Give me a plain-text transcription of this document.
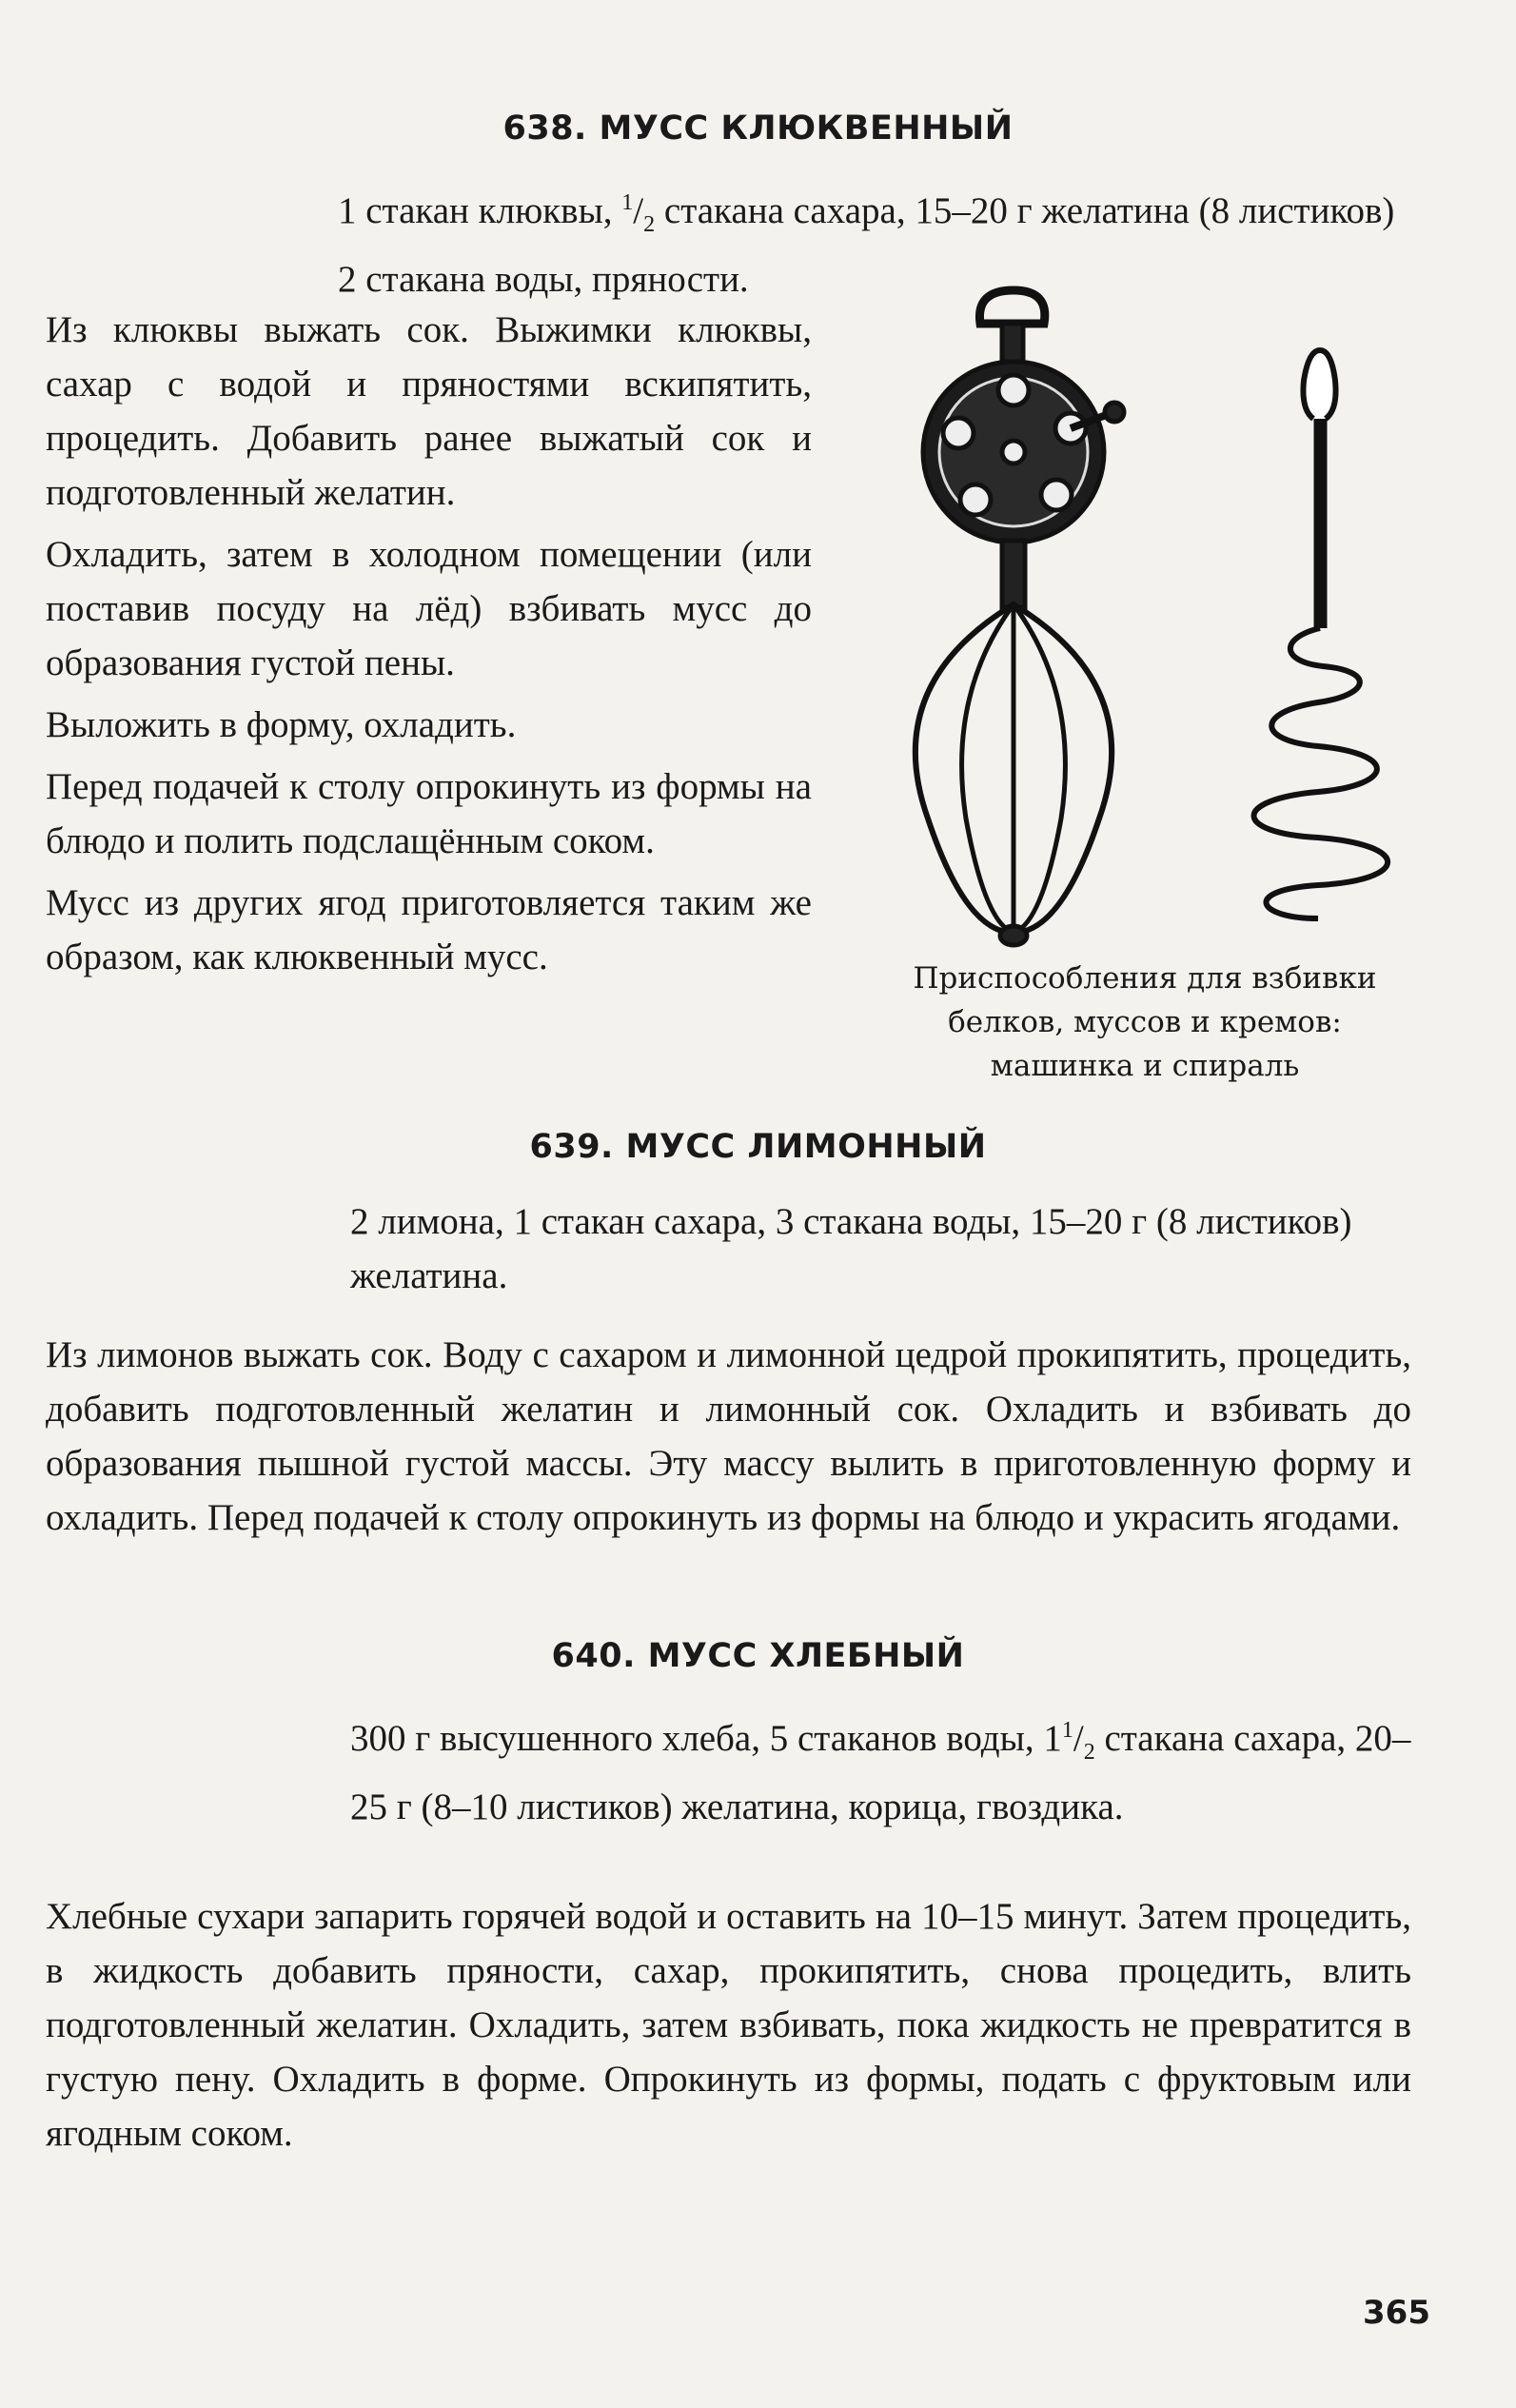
638. МУСС КЛЮКВЕННЫЙ
1 стакан клюквы, $^1/_2$ стакана сахара, 15–20 г желатина (8 листиков) 2 стакана воды, пряности.

Из клюквы выжать сок. Выжимки клюквы, сахар с водой и пряностями вскипятить, процедить. Добавить ранее выжатый сок и подготовленный желатин.

Охладить, затем в холодном помещении (или поставив посуду на лёд) взбивать мусс до образования густой пены.

Выложить в форму, охладить.

Перед подачей к столу опрокинуть из формы на блюдо и полить подслащённым соком.

Мусс из других ягод приготовляется таким же образом, как клюквенный мусс.

Приспособления для взбивки белков, муссов и кремов: машинка и спираль
639. МУСС ЛИМОННЫЙ
2 лимона, 1 стакан сахара, 3 стакана воды, 15–20 г (8 листиков) желатина.

Из лимонов выжать сок. Воду с сахаром и лимонной цедрой прокипятить, процедить, добавить подготовленный желатин и лимонный сок. Охладить и взбивать до образования пышной густой массы. Эту массу вылить в приготовленную форму и охладить. Перед подачей к столу опрокинуть из формы на блюдо и украсить ягодами.

640. МУСС ХЛЕБНЫЙ
300 г высушенного хлеба, 5 стаканов воды, $1^1/_2$ стакана сахара, 20–25 г (8–10 листиков) желатина, корица, гвоздика.

Хлебные сухари запарить горячей водой и оставить на 10–15 минут. Затем процедить, в жидкость добавить пряности, сахар, прокипятить, снова процедить, влить подготовленный желатин. Охладить, затем взбивать, пока жидкость не превратится в густую пену. Охладить в форме. Опрокинуть из формы, подать с фруктовым или ягодным соком.

365
